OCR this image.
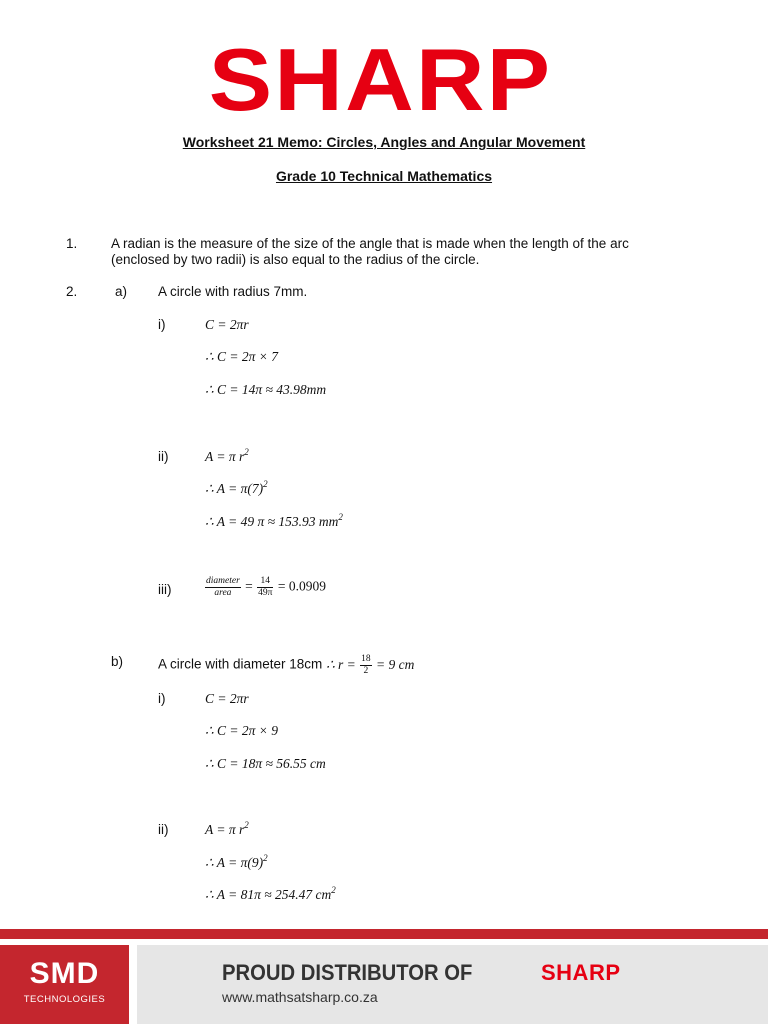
SHARP
Worksheet 21 Memo: Circles, Angles and Angular Movement
Grade 10 Technical Mathematics
1. A radian is the measure of the size of the angle that is made when the length of the arc
(enclosed by two radii) is also equal to the radius of the circle.
2.	a) A circle with radius 7mm.
i)	C = 2πr
∴ C = 2π × 7
∴ C = 14π ≈ 43.98mm
ii)	A = π $r^2$
∴ $A = \pi(7)^2$
∴ A = 49 π ≈ 153.93 $mm^2$
iii)	$\frac{\text{diameter}}{\text{area}} = \frac{14}{49\pi} = 0.0909$
b)	A circle with diameter 18cm ∴ $r = \frac{18}{2} = 9$ cm
i)	C = 2πr
∴ C = 2π × 9
∴ C = 18π ≈ 56.55 cm
ii)	A = π $r^2$
∴ $A = \pi(9)^2$
∴ A = 81π ≈ 254.47 $cm^2$
SMD
TECHNOLOGIES
PROUD DISTRIBUTOR OF	SHARP
www.mathsatsharp.co.za
